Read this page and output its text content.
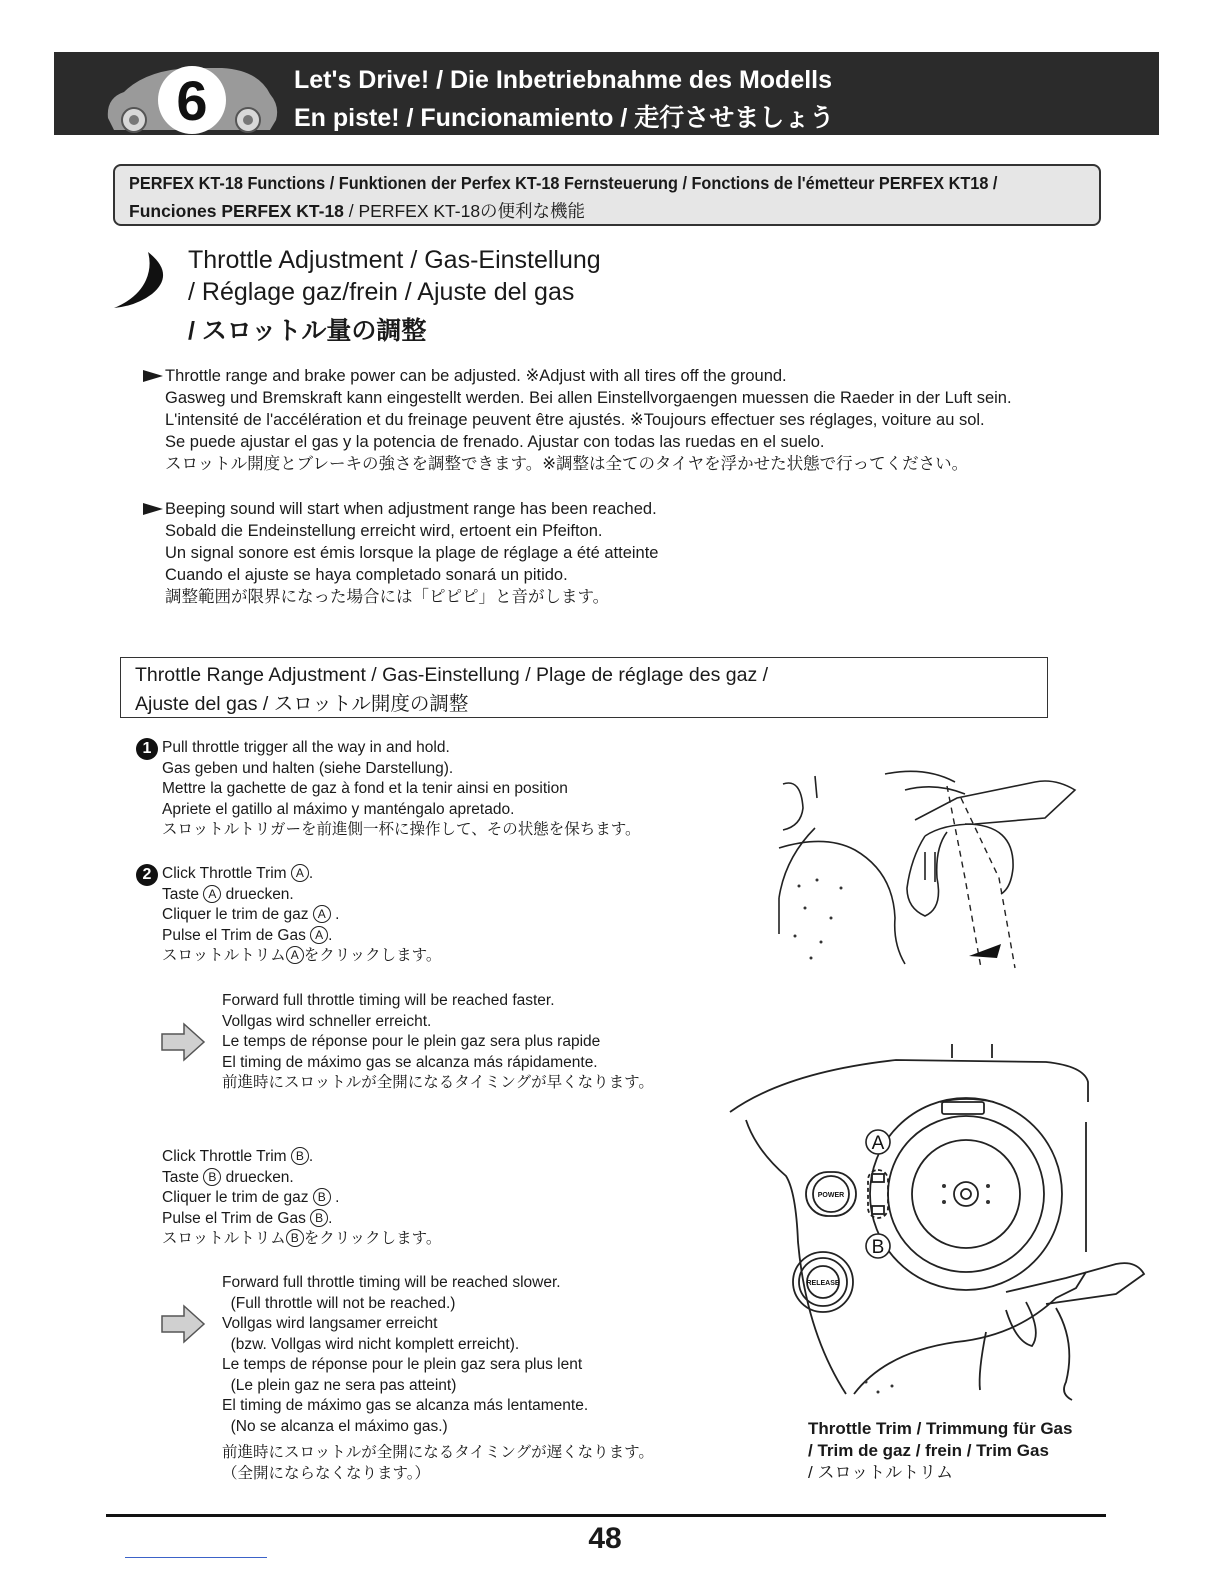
6	Let's Drive! / Die Inbetriebnahme des Modells
En piste! / Funcionamiento / 走行させましょう
PERFEX KT-18 Functions / Funktionen der Perfex KT-18 Fernsteuerung / Fonctions de l'émetteur PERFEX KT18 /
Funciones PERFEX KT-18 / PERFEX KT-18の便利な機能
Throttle Adjustment / Gas-Einstellung
/ Réglage gaz/frein / Ajuste del gas
/ スロットル量の調整
Throttle range and brake power can be adjusted. ※Adjust with all tires off the ground.
Gasweg und Bremskraft kann eingestellt werden. Bei allen Einstellvorgaengen muessen die Raeder in der Luft sein.
L'intensité de l'accélération et du freinage peuvent être ajustés. ※Toujours effectuer ses réglages, voiture au sol.
Se puede ajustar el gas y la potencia de frenado. Ajustar con todas las ruedas en el suelo.
スロットル開度とブレーキの強さを調整できます。※調整は全てのタイヤを浮かせた状態で行ってください。
Beeping sound will start when adjustment range has been reached.
Sobald die Endeinstellung erreicht wird, ertoent ein Pfeifton.
Un signal sonore est émis lorsque la plage de réglage a été atteinte
Cuando el ajuste se haya completado sonará un pitido.
調整範囲が限界になった場合には「ピピピ」と音がします。
Throttle Range Adjustment / Gas-Einstellung / Plage de réglage des gaz /
Ajuste del gas / スロットル開度の調整
1 Pull throttle trigger all the way in and hold.
Gas geben und halten (siehe Darstellung).
Mettre la gachette de gaz à fond et la tenir ainsi en position
Apriete el gatillo al máximo y manténgalo apretado.
スロットルトリガーを前進側一杯に操作して、その状態を保ちます。
2 Click Throttle Trim A .
Taste A druecken.
Cliquer le trim de gaz A .
Pulse el Trim de Gas A .
スロットルトリム A をクリックします。
Forward full throttle timing will be reached faster.
Vollgas wird schneller erreicht.
Le temps de réponse pour le plein gaz sera plus rapide
El timing de máximo gas se alcanza más rápidamente.
前進時にスロットルが全開になるタイミングが早くなります。
Click Throttle Trim B .
Taste B druecken.
Cliquer le trim de gaz B .
Pulse el Trim de Gas B .
スロットルトリム B をクリックします。
Forward full throttle timing will be reached slower.
(Full throttle will not be reached.)
Vollgas wird langsamer erreicht
(bzw. Vollgas wird nicht komplett erreicht).
Le temps de réponse pour le plein gaz sera plus lent
(Le plein gaz ne sera pas atteint)
El timing de máximo gas se alcanza más lentamente.
(No se alcanza el máximo gas.)
前進時にスロットルが全開になるタイミングが遅くなります。
（全開にならなくなります。）
A
B
POWER
RELEASE
Throttle Trim / Trimmung für Gas
/ Trim de gaz / frein / Trim Gas
/ スロットルトリム
48
